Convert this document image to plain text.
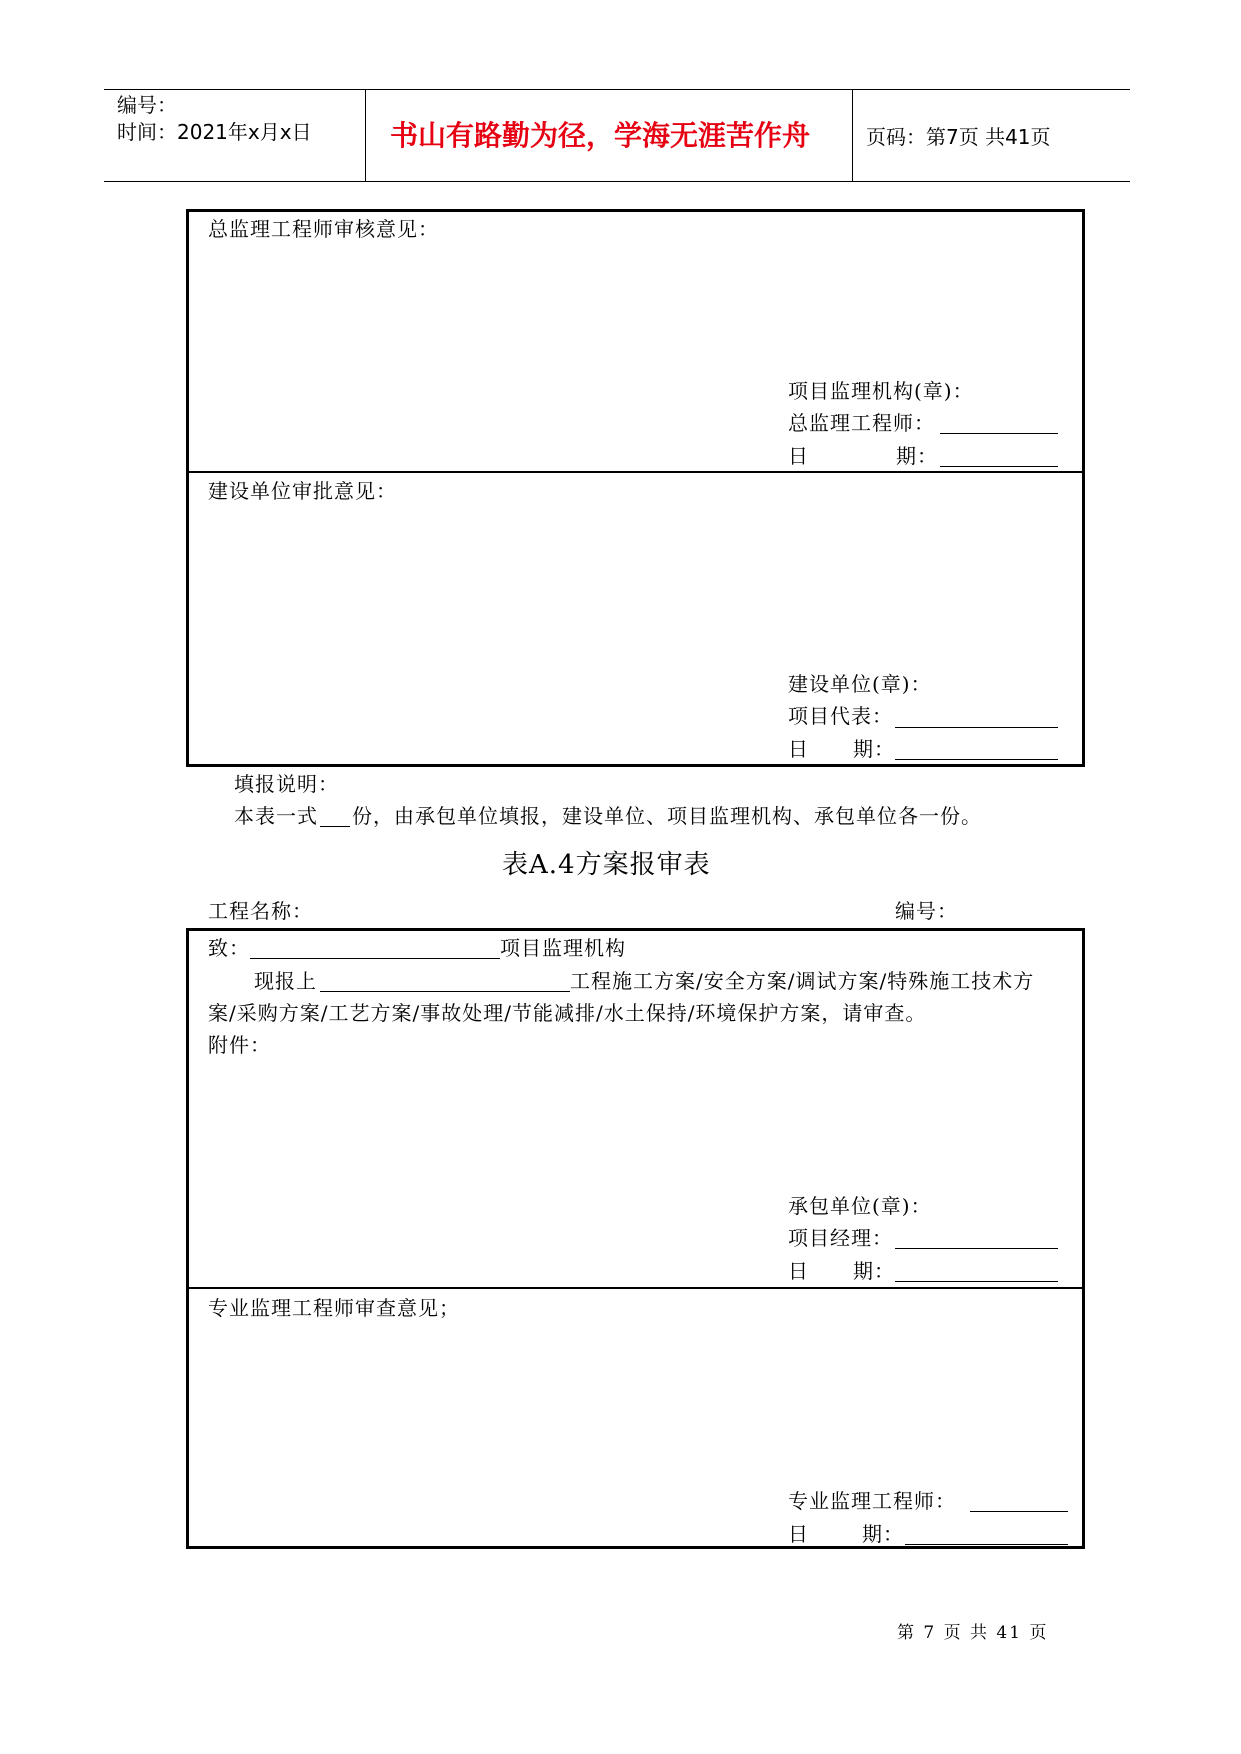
编号：
时间：2021年x月x日	书山有路勤为径，学海无涯苦作舟	页码：第7页 共41页
总监理工程师审核意见：
项目监理机构(章)：
总监理工程师：
日	期：
建设单位审批意见：
建设单位(章)：
项目代表：
日 期：
填报说明：
本表一式 份，由承包单位填报，建设单位、项目监理机构、承包单位各一份。
表A.4方案报审表
工程名称：	编号：
致：	项目监理机构
现报上	工程施工方案/安全方案/调试方案/特殊施工技术方
案/采购方案/工艺方案/事故处理/节能减排/水土保持/环境保护方案，请审查。
附件：
承包单位(章)：
项目经理：
日 期：
专业监理工程师审查意见；
专业监理工程师：
日	期：
第 7 页 共 41 页
